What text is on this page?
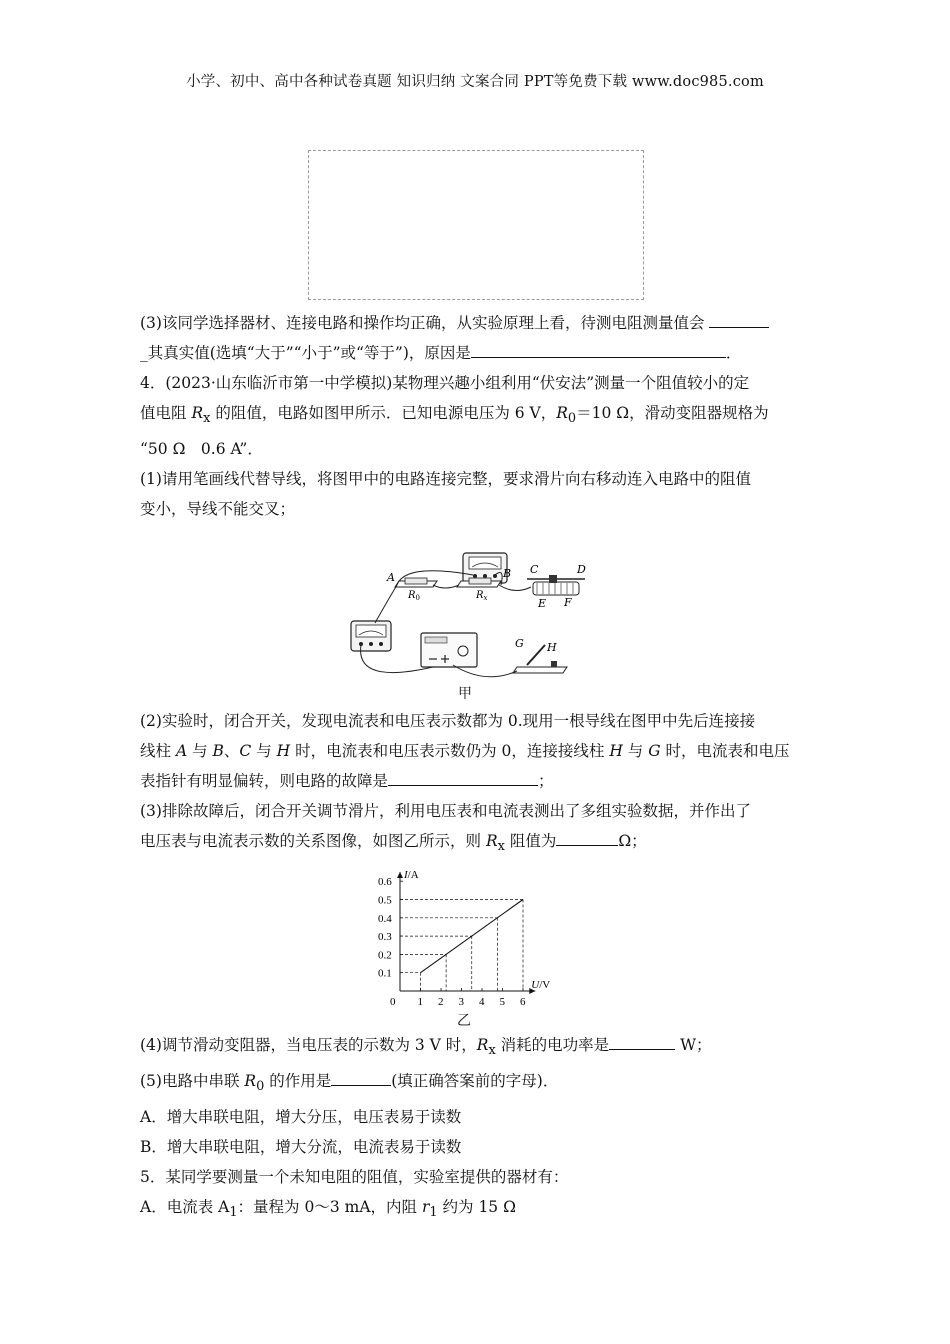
小学、初中、高中各种试卷真题 知识归纳 文案合同 PPT等免费下载 www.doc985.com

(3)该同学选择器材、连接电路和操作均正确，从实验原理上看，待测电阻测量值会

_其真实值(选填“大于”“小于”或“等于”)，原因是	．

4．(2023·山东临沂市第一中学模拟)某物理兴趣小组利用“伏安法”测量一个阻值较小的定

值电阻 $R_x$ 的阻值，电路如图甲所示．已知电源电压为 6 V，$R_0=10$ Ω，滑动变阻器规格为

“50 Ω　0.6 A”．

(1)请用笔画线代替导线，将图甲中的电路连接完整，要求滑片向右移动连入电路中的阻值

变小，导线不能交叉；

A
$R_0$
B
$R_x$
C	D
E F
G H
甲

(2)实验时，闭合开关，发现电流表和电压表示数都为 0.现用一根导线在图甲中先后连接接

线柱 A 与 B、C 与 H 时，电流表和电压表示数仍为 0，连接接线柱 H 与 G 时，电流表和电压

表指针有明显偏转，则电路的故障是	；

(3)排除故障后，闭合开关调节滑片，利用电压表和电流表测出了多组实验数据，并作出了

电压表与电流表示数的关系图像，如图乙所示，则 $R_x$ 阻值为	Ω；

U/V
I/A
0 1 2 3 4 5 6
0.1
0.2
0.3
0.4
0.5
0.6
乙

(4)调节滑动变阻器，当电压表的示数为 3 V 时，$R_x$ 消耗的电功率是	W；

(5)电路中串联 $R_0$ 的作用是	(填正确答案前的字母)．

A．增大串联电阻，增大分压，电压表易于读数

B．增大串联电阻，增大分流，电流表易于读数

5．某同学要测量一个未知电阻的阻值，实验室提供的器材有：

A．电流表 $A_1$：量程为 0～3 mA，内阻 $r_1$ 约为 15 Ω
